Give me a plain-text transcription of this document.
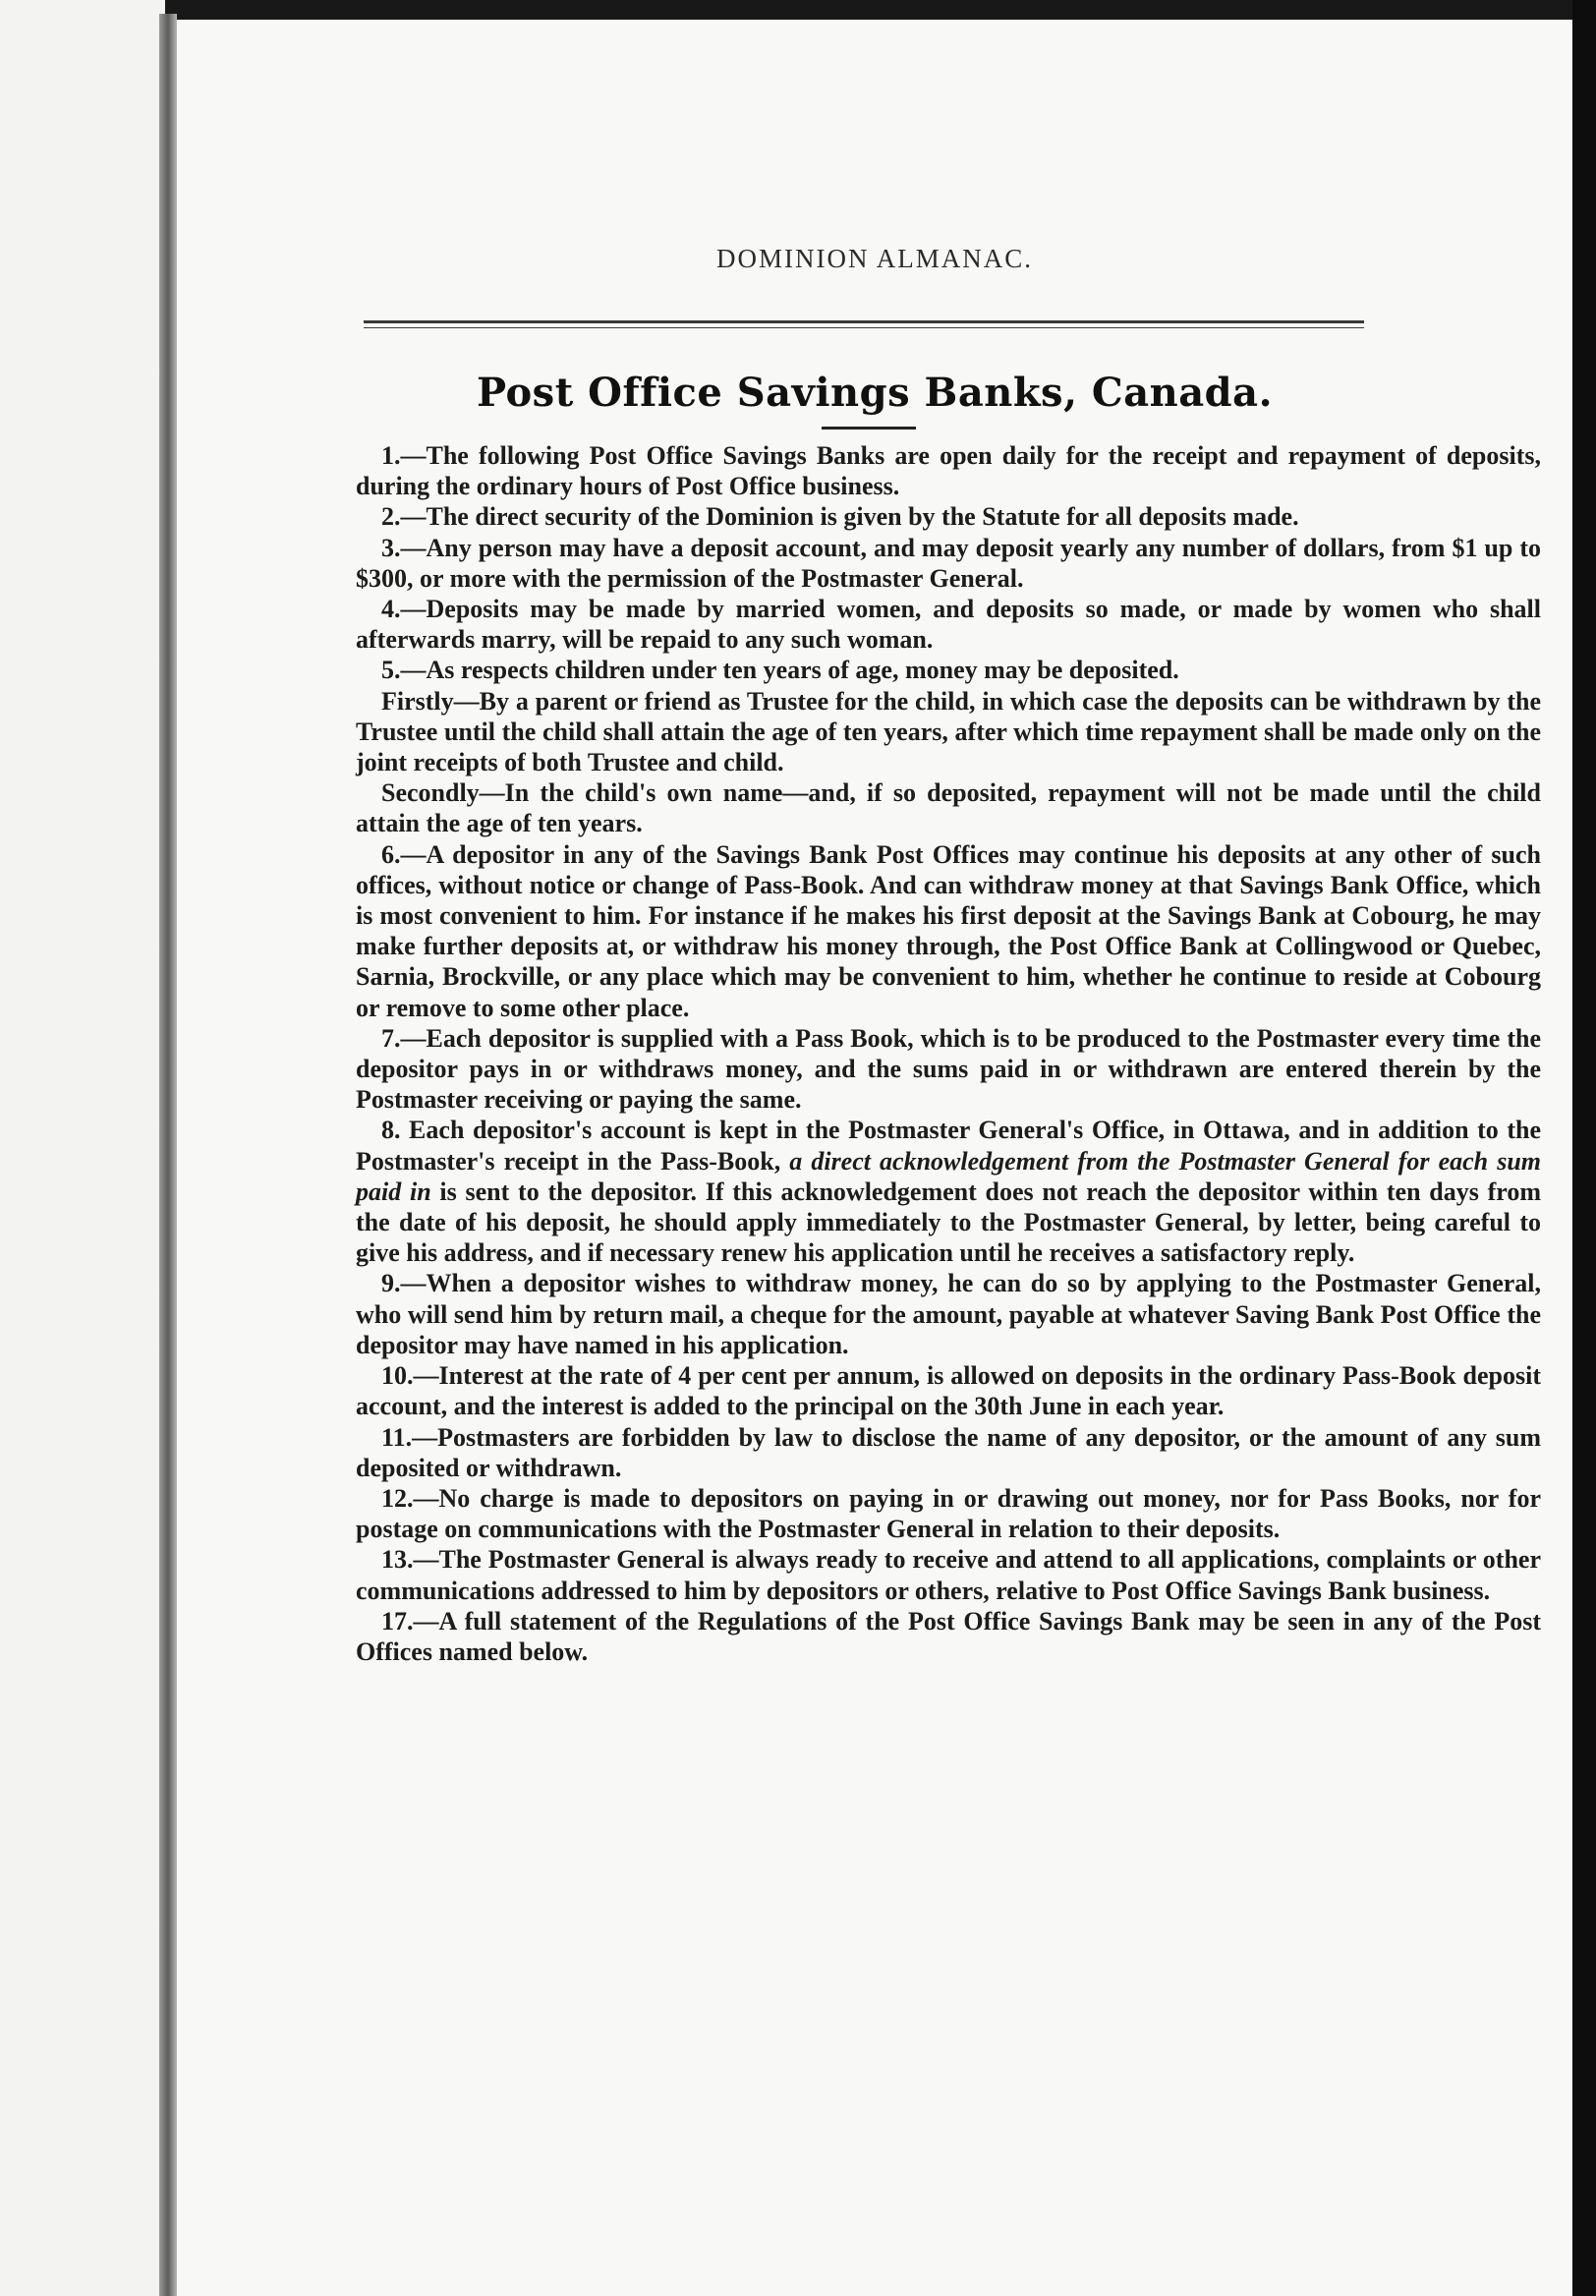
DOMINION ALMANAC.
Post Office Savings Banks, Canada.

1.—The following Post Office Savings Banks are open daily for the receipt and repayment of deposits, during the ordinary hours of Post Office business.

2.—The direct security of the Dominion is given by the Statute for all deposits made.

3.—Any person may have a deposit account, and may deposit yearly any number of dollars, from $1 up to $300, or more with the permission of the Postmaster General.

4.—Deposits may be made by married women, and deposits so made, or made by women who shall afterwards marry, will be repaid to any such woman.

5.—As respects children under ten years of age, money may be deposited.

Firstly—By a parent or friend as Trustee for the child, in which case the deposits can be withdrawn by the Trustee until the child shall attain the age of ten years, after which time repayment shall be made only on the joint receipts of both Trustee and child.

Secondly—In the child's own name—and, if so deposited, repayment will not be made until the child attain the age of ten years.

6.—A depositor in any of the Savings Bank Post Offices may continue his deposits at any other of such offices, without notice or change of Pass-Book. And can withdraw money at that Savings Bank Office, which is most convenient to him. For instance if he makes his first deposit at the Savings Bank at Cobourg, he may make further deposits at, or withdraw his money through, the Post Office Bank at Collingwood or Quebec, Sarnia, Brockville, or any place which may be convenient to him, whether he continue to reside at Cobourg or remove to some other place.

7.—Each depositor is supplied with a Pass Book, which is to be produced to the Postmaster every time the depositor pays in or withdraws money, and the sums paid in or withdrawn are entered therein by the Postmaster receiving or paying the same.

8. Each depositor's account is kept in the Postmaster General's Office, in Ottawa, and in addition to the Postmaster's receipt in the Pass-Book, a direct acknowledgement from the Postmaster General for each sum paid in is sent to the depositor. If this acknowledgement does not reach the depositor within ten days from the date of his deposit, he should apply immediately to the Postmaster General, by letter, being careful to give his address, and if necessary renew his application until he receives a satisfactory reply.

9.—When a depositor wishes to withdraw money, he can do so by applying to the Postmaster General, who will send him by return mail, a cheque for the amount, payable at whatever Saving Bank Post Office the depositor may have named in his application.

10.—Interest at the rate of 4 per cent per annum, is allowed on deposits in the ordinary Pass-Book deposit account, and the interest is added to the principal on the 30th June in each year.

11.—Postmasters are forbidden by law to disclose the name of any depositor, or the amount of any sum deposited or withdrawn.

12.—No charge is made to depositors on paying in or drawing out money, nor for Pass Books, nor for postage on communications with the Postmaster General in relation to their deposits.

13.—The Postmaster General is always ready to receive and attend to all applications, complaints or other communications addressed to him by depositors or others, relative to Post Office Savings Bank business.

17.—A full statement of the Regulations of the Post Office Savings Bank may be seen in any of the Post Offices named below.
